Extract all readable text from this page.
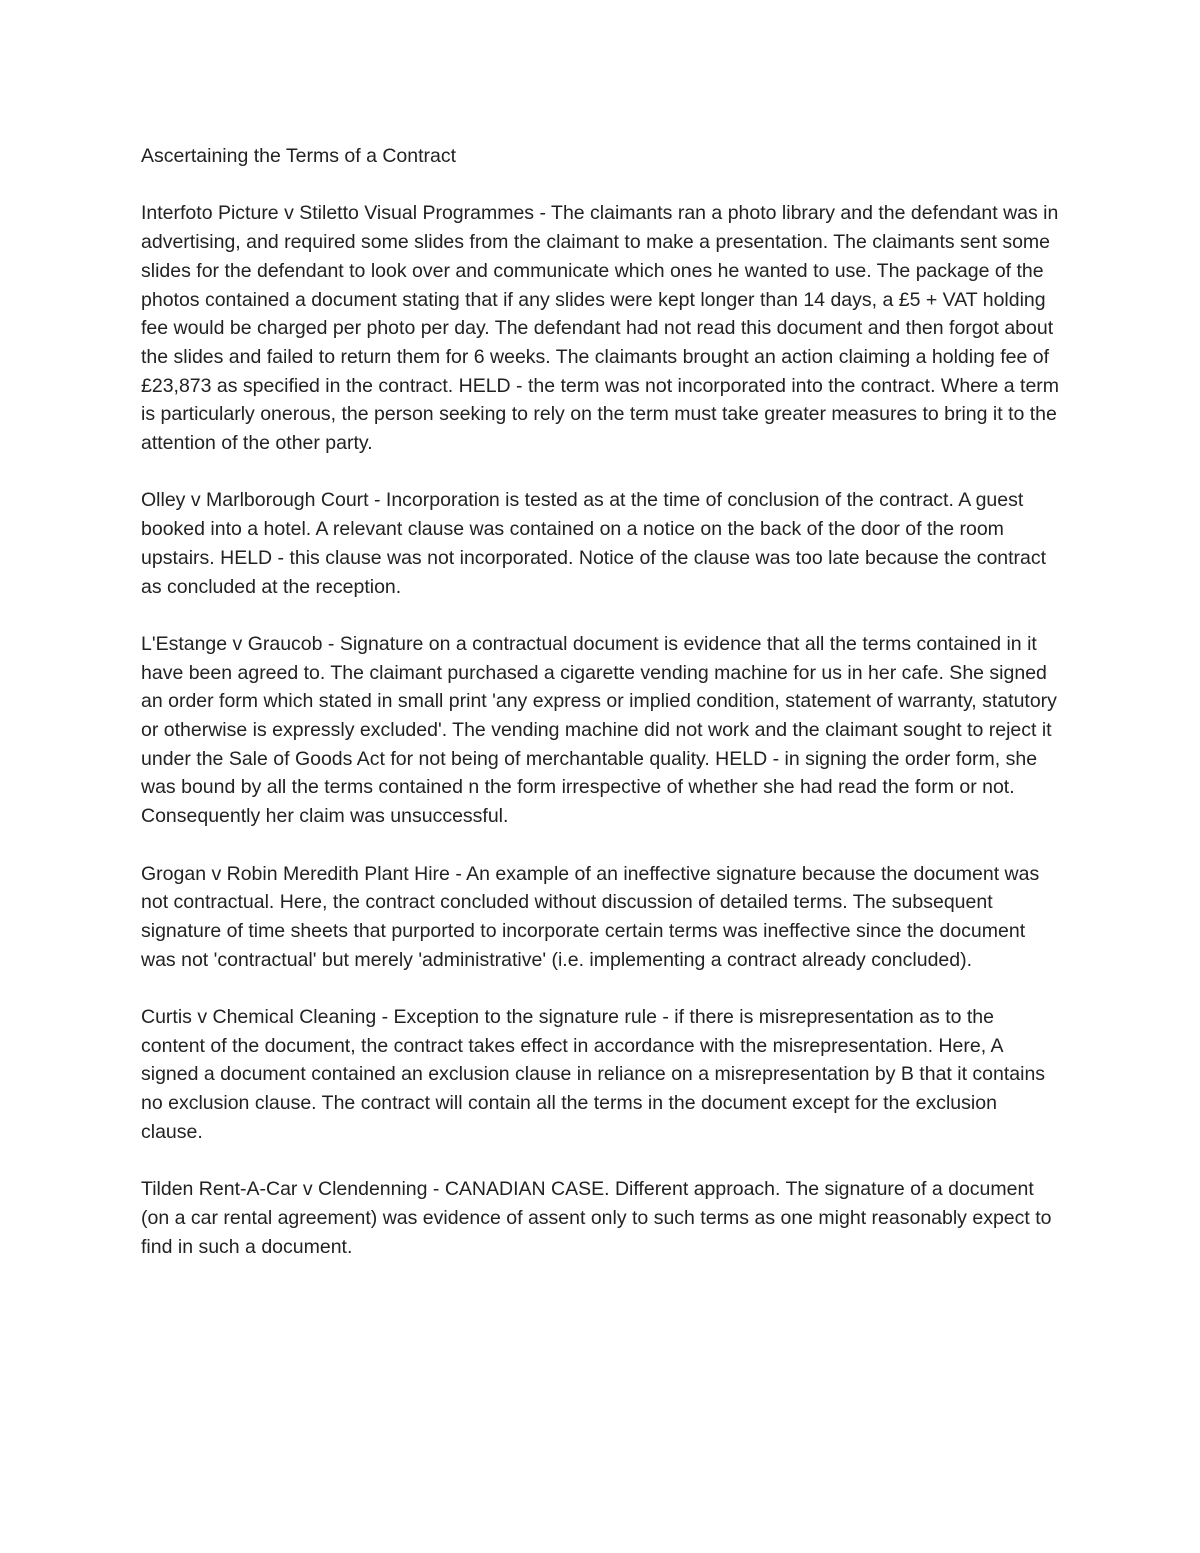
Ascertaining the Terms of a Contract

Interfoto Picture v Stiletto Visual Programmes - The claimants ran a photo library and the defendant was in advertising, and required some slides from the claimant to make a presentation. The claimants sent some slides for the defendant to look over and communicate which ones he wanted to use. The package of the photos contained a document stating that if any slides were kept longer than 14 days, a £5 + VAT holding fee would be charged per photo per day. The defendant had not read this document and then forgot about the slides and failed to return them for 6 weeks. The claimants brought an action claiming a holding fee of £23,873 as specified in the contract. HELD - the term was not incorporated into the contract. Where a term is particularly onerous, the person seeking to rely on the term must take greater measures to bring it to the attention of the other party.

Olley v Marlborough Court - Incorporation is tested as at the time of conclusion of the contract. A guest booked into a hotel. A relevant clause was contained on a notice on the back of the door of the room upstairs. HELD - this clause was not incorporated. Notice of the clause was too late because the contract as concluded at the reception.

L'Estange v Graucob - Signature on a contractual document is evidence that all the terms contained in it have been agreed to. The claimant purchased a cigarette vending machine for us in her cafe. She signed an order form which stated in small print 'any express or implied condition, statement of warranty, statutory or otherwise is expressly excluded'. The vending machine did not work and the claimant sought to reject it under the Sale of Goods Act for not being of merchantable quality. HELD - in signing the order form, she was bound by all the terms contained n the form irrespective of whether she had read the form or not. Consequently her claim was unsuccessful.

Grogan v Robin Meredith Plant Hire - An example of an ineffective signature because the document was not contractual. Here, the contract concluded without discussion of detailed terms. The subsequent signature of time sheets that purported to incorporate certain terms was ineffective since the document was not 'contractual' but merely 'administrative' (i.e. implementing a contract already concluded).

Curtis v Chemical Cleaning - Exception to the signature rule - if there is misrepresentation as to the content of the document, the contract takes effect in accordance with the misrepresentation. Here, A signed a document contained an exclusion clause in reliance on a misrepresentation by B that it contains no exclusion clause. The contract will contain all the terms in the document except for the exclusion clause.

Tilden Rent-A-Car v Clendenning - CANADIAN CASE. Different approach. The signature of a document (on a car rental agreement) was evidence of assent only to such terms as one might reasonably expect to find in such a document.
